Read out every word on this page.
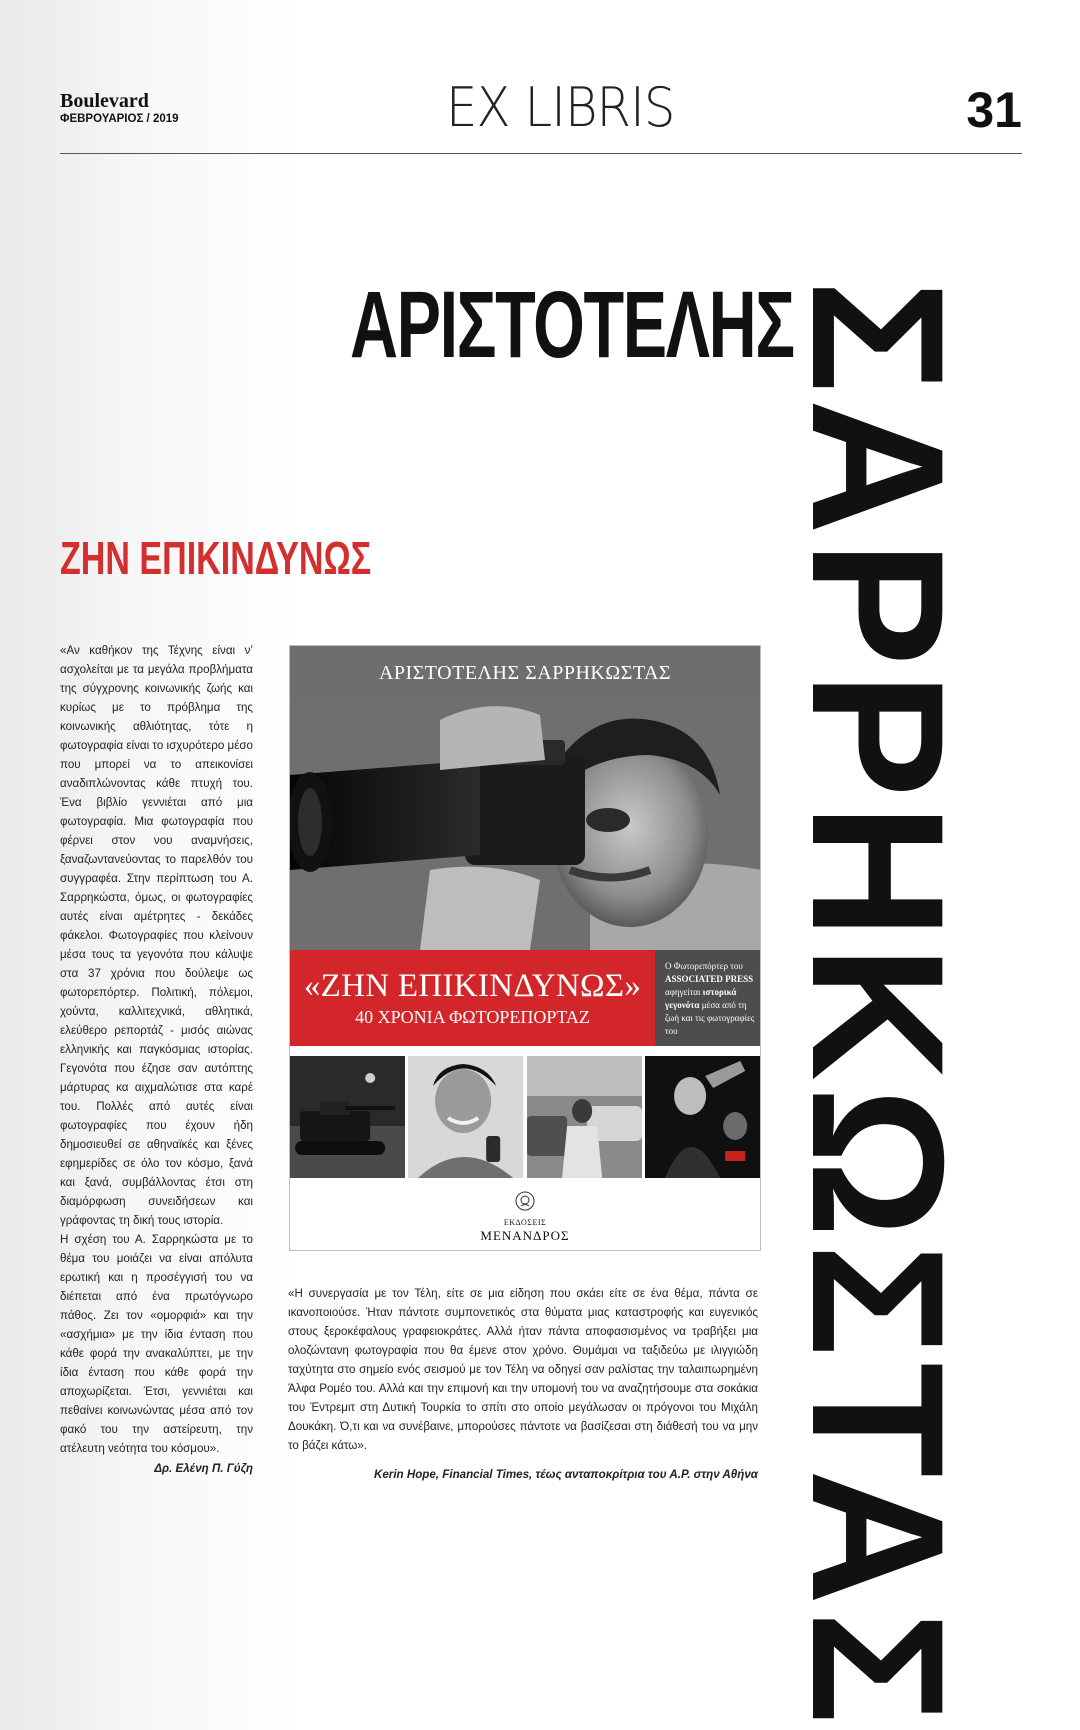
Boulevard
ΦΕΒΡΟΥΑΡΙΟΣ / 2019	EX LIBRIS	31
ΑΡΙΣΤΟΤΕΛΗΣ
ΣΑΡΡΗΚΩΣΤΑΣ
ΖΗΝ ΕΠΙΚΙΝΔΥΝΩΣ

«Αν καθήκον της Τέχνης είναι ν’ ασχολείται με τα μεγάλα προβλήματα της σύγχρονης κοινωνικής ζωής και κυρίως με το πρόβλημα της κοινωνικής αθλιότητας, τότε η φωτογραφία είναι το ισχυρότερο μέσο που μπορεί να το απεικονίσει αναδιπλώνοντας κάθε πτυχή του. Ένα βιβλίο γεννιέται από μια φωτογραφία. Μια φωτογραφία που φέρνει στον νου αναμνήσεις, ξαναζωντανεύοντας το παρελθόν του συγγραφέα. Στην περίπτωση του Α. Σαρρηκώστα, όμως, οι φωτογραφίες αυτές είναι αμέτρητες - δεκάδες φάκελοι. Φωτογραφίες που κλείνουν μέσα τους τα γεγονότα που κάλυψε στα 37 χρόνια που δούλεψε ως φωτορεπόρτερ. Πολιτική, πόλεμοι, χούντα, καλλιτεχνικά, αθλητικά, ελεύθερο ρεπορτάζ - μισός αιώνας ελληνικής και παγκόσμιας ιστορίας. Γεγονότα που έζησε σαν αυτόπτης μάρτυρας κα αιχμαλώτισε στα καρέ του. Πολλές από αυτές είναι φωτογραφίες που έχουν ήδη δημοσιευθεί σε αθηναϊκές και ξένες εφημερίδες σε όλο τον κόσμο, ξανά και ξανά, συμβάλλοντας έτσι στη διαμόρφωση συνειδήσεων και γράφοντας τη δική τους ιστορία.

Η σχέση του Α. Σαρρηκώστα με το θέμα του μοιάζει να είναι απόλυτα ερωτική και η προσέγγισή του να διέπεται από ένα πρωτόγνωρο πάθος. Ζει τον «ομορφιά» και την «ασχήμια» με την ίδια ένταση που κάθε φορά την ανακαλύπτει, με την ίδια ένταση που κάθε φορά την αποχωρίζεται. Έτσι, γεννιέται και πεθαίνει κοινωνώντας μέσα από τον φακό του την αστείρευτη, την ατέλευτη νεότητα του κόσμου».

Δρ. Ελένη Π. Γύζη

ΑΡΙΣΤΟΤΕΛΗΣ ΣΑΡΡΗΚΩΣΤΑΣ
«ΖΗΝ ΕΠΙΚΙΝΔΥΝΩΣ»
40 ΧΡΟΝΙΑ ΦΩΤΟΡΕΠΟΡΤΑΖ
Ο Φωτορεπόρτερ του ASSOCIATED PRESS αφηγείται ιστορικά γεγονότα μέσα από τη ζωή και τις φωτογραφίες του
ΕΚΔΟΣΕΙΣ
ΜΕΝΑΝΔΡΟΣ
«Η συνεργασία με τον Τέλη, είτε σε μια είδηση που σκάει είτε σε ένα θέμα, πάντα σε ικανοποιούσε. Ήταν πάντοτε συμπονετικός στα θύματα μιας καταστροφής και ευγενικός στους ξεροκέφαλους γραφειοκράτες. Αλλά ήταν πάντα αποφασισμένος να τραβήξει μια ολοζώντανη φωτογραφία που θα έμενε στον χρόνο. Θυμάμαι να ταξιδεύω με ιλιγγιώδη ταχύτητα στο σημείο ενός σεισμού με τον Τέλη να οδηγεί σαν ραλίστας την ταλαιπωρημένη Άλφα Ρομέο του. Αλλά και την επιμονή και την υπομονή του να αναζητήσουμε στα σοκάκια του Έντρεμιτ στη Δυτική Τουρκία το σπίτι στο οποίο μεγάλωσαν οι πρόγονοι του Μιχάλη Δουκάκη. Ό,τι και να συνέβαινε, μπορούσες πάντοτε να βασίζεσαι στη διάθεσή του να μην το βάζει κάτω».
Kerin Hope, Financial Times, τέως ανταποκρίτρια του Α.Ρ. στην Αθήνα
